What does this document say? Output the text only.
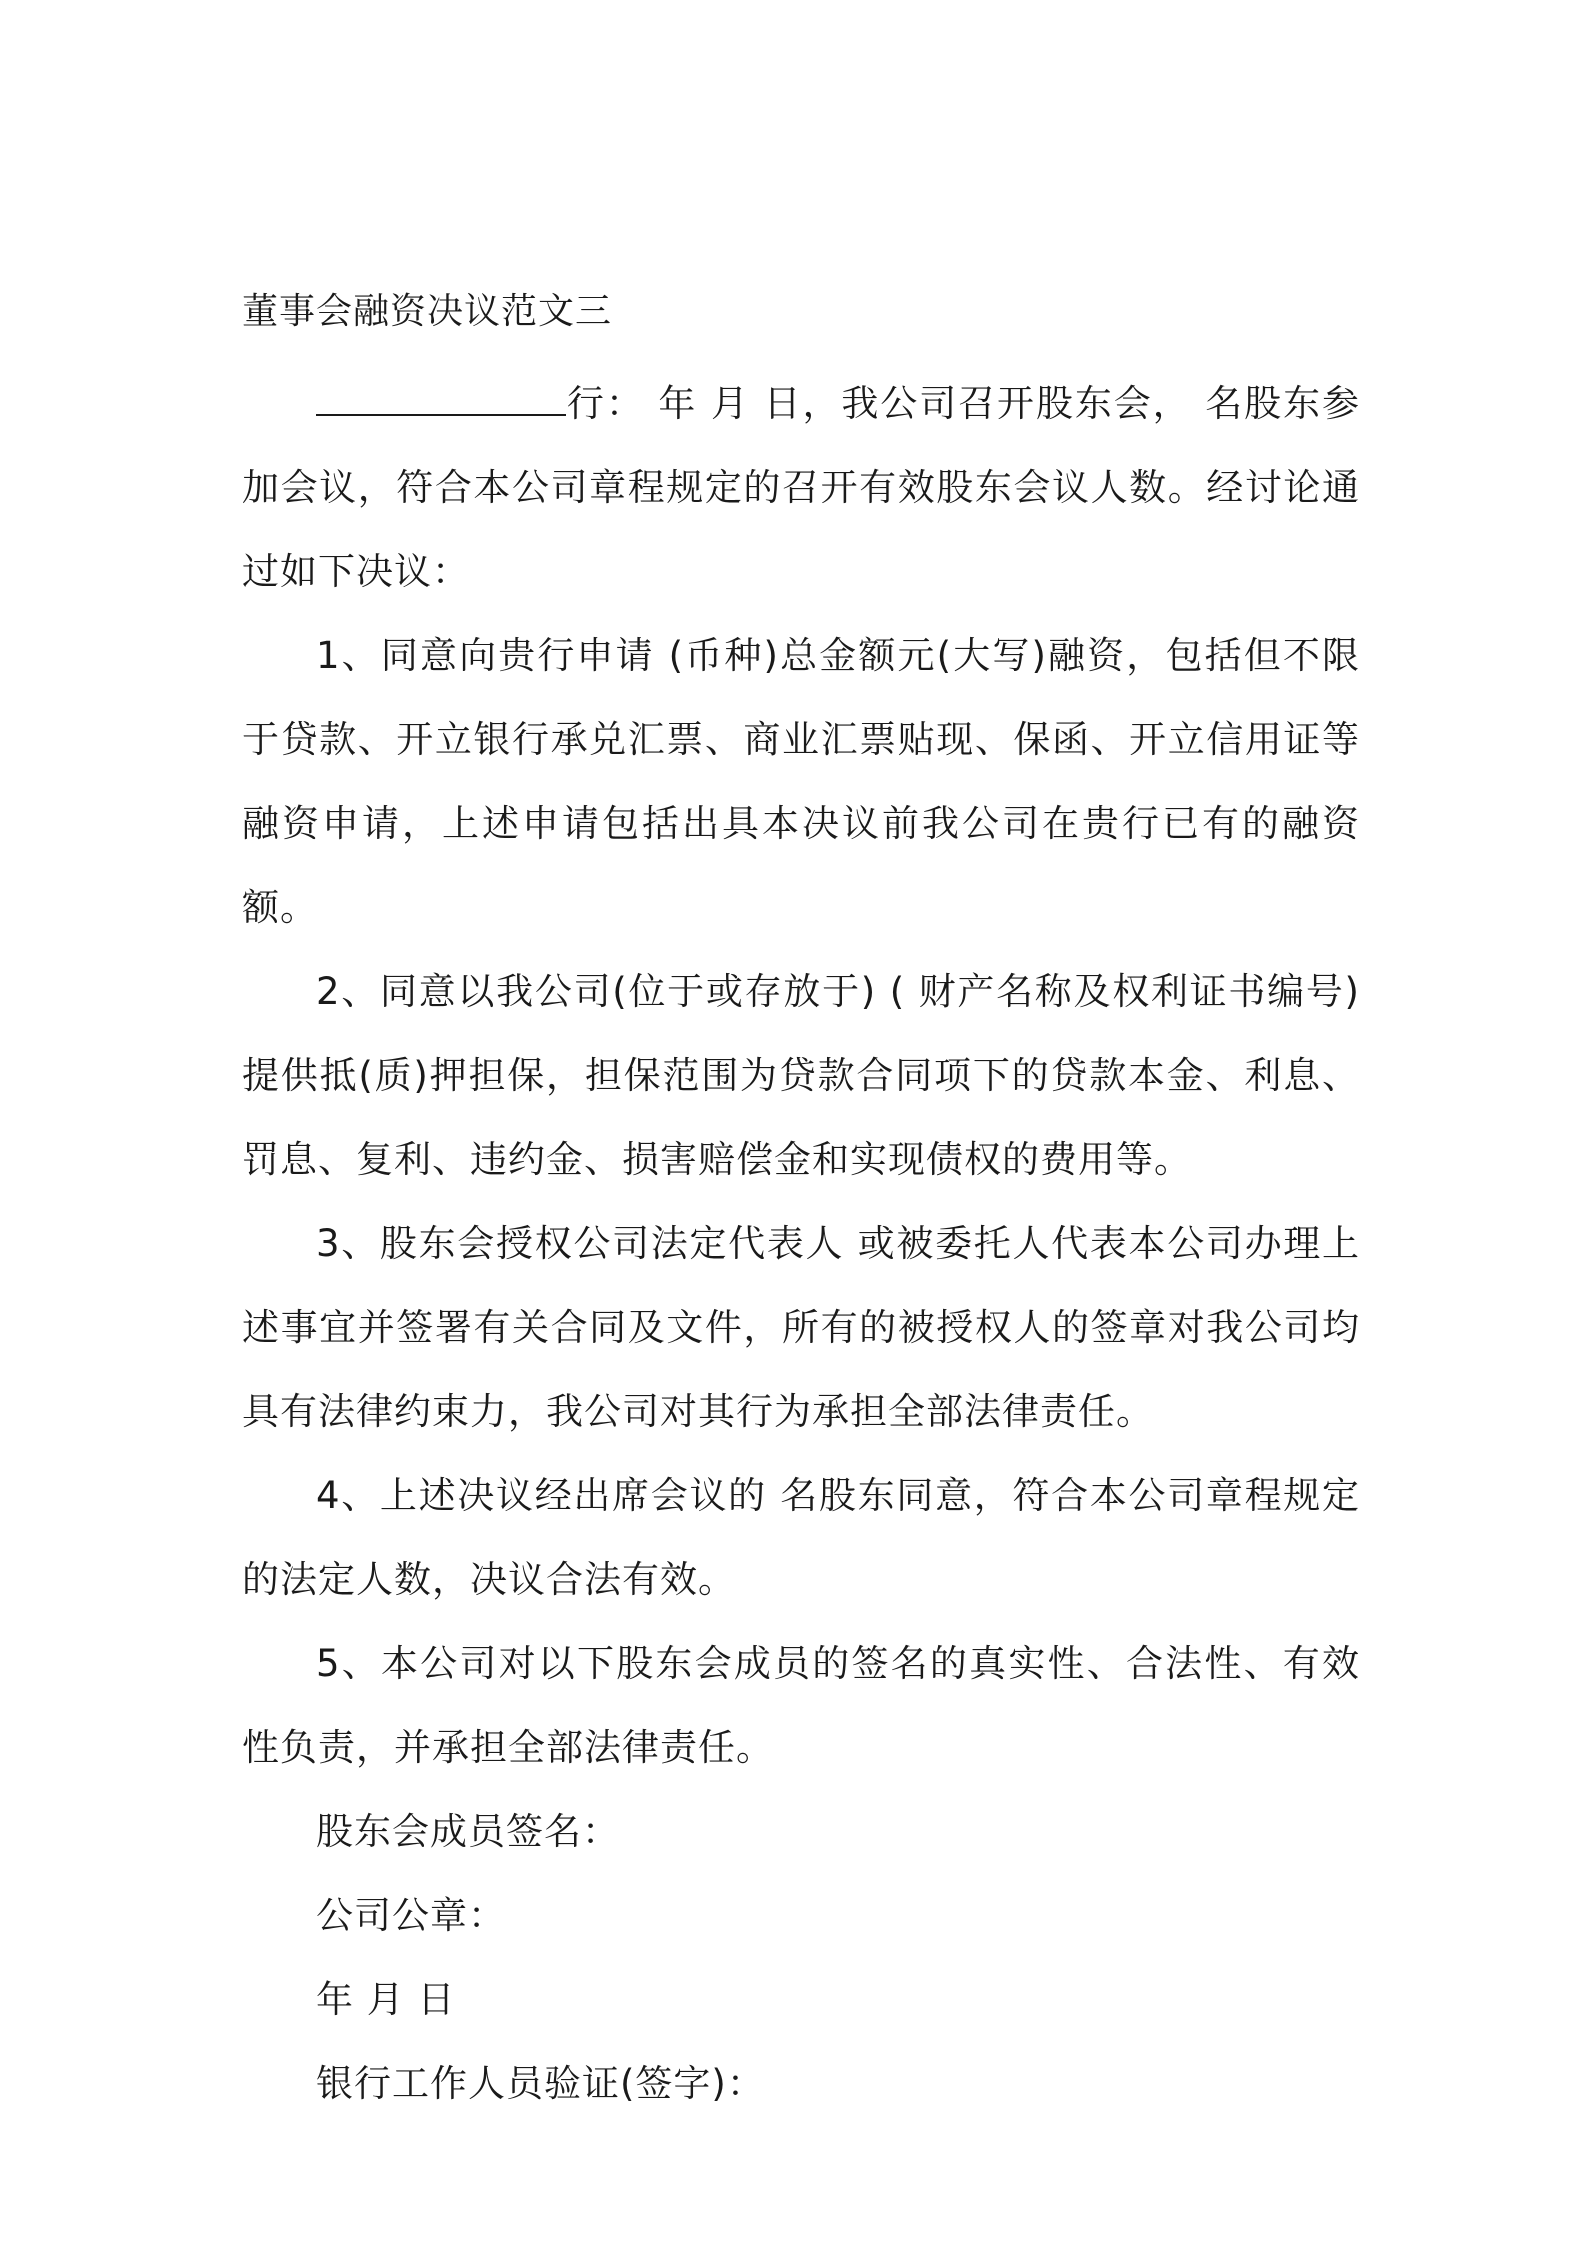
董事会融资决议范文三

行： 年 月 日，我公司召开股东会， 名股东参加会议，符合本公司章程规定的召开有效股东会议人数。经讨论通过如下决议：

1、同意向贵行申请 (币种)总金额元(大写)融资，包括但不限于贷款、开立银行承兑汇票、商业汇票贴现、保函、开立信用证等融资申请，上述申请包括出具本决议前我公司在贵行已有的融资额。

2、同意以我公司(位于或存放于) ( 财产名称及权利证书编号)提供抵(质)押担保，担保范围为贷款合同项下的贷款本金、利息、罚息、复利、违约金、损害赔偿金和实现债权的费用等。

3、股东会授权公司法定代表人 或被委托人代表本公司办理上述事宜并签署有关合同及文件，所有的被授权人的签章对我公司均具有法律约束力，我公司对其行为承担全部法律责任。

4、上述决议经出席会议的 名股东同意，符合本公司章程规定的法定人数，决议合法有效。

5、本公司对以下股东会成员的签名的真实性、合法性、有效性负责，并承担全部法律责任。

股东会成员签名：

公司公章：

年 月 日

银行工作人员验证(签字)：
